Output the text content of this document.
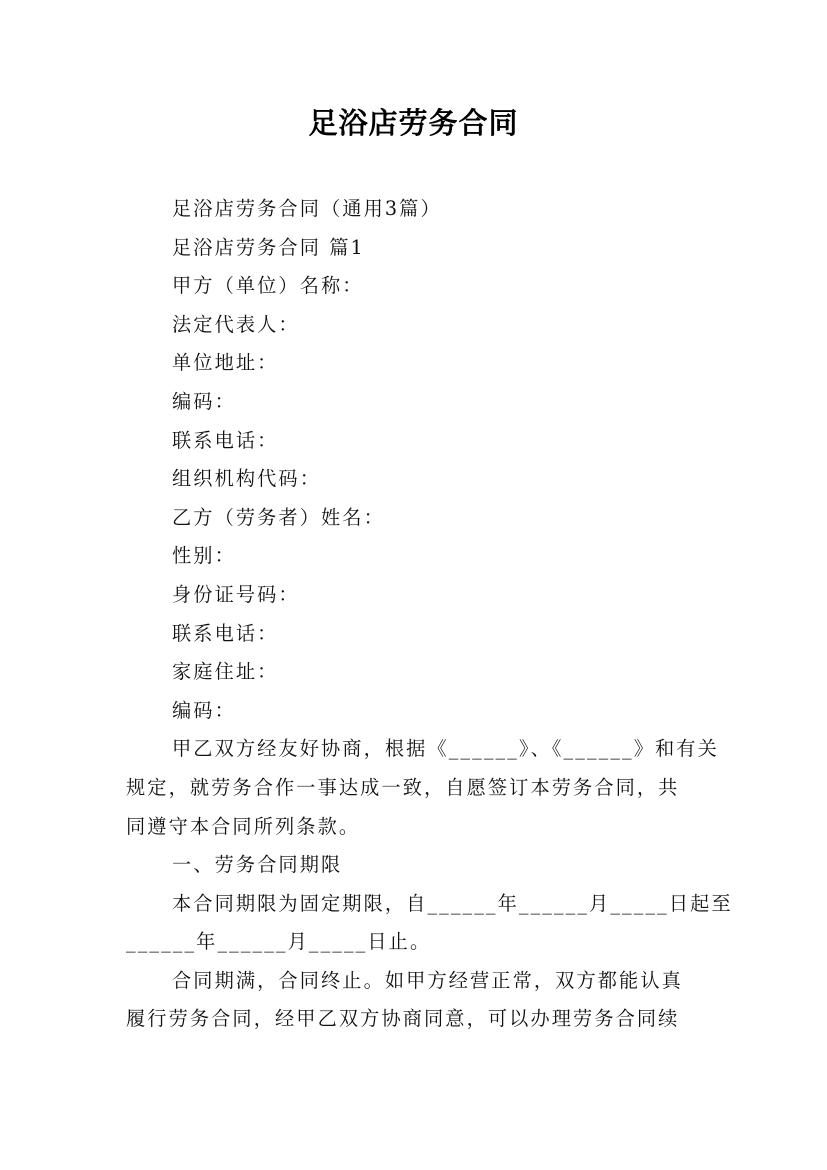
足浴店劳务合同

足浴店劳务合同（通用3篇）

足浴店劳务合同 篇1

甲方（单位）名称：

法定代表人：

单位地址：

编码：

联系电话：

组织机构代码：

乙方（劳务者）姓名：

性别：

身份证号码：

联系电话：

家庭住址：

编码：

甲乙双方经友好协商，根据《______》、《______》和有关

规定，就劳务合作一事达成一致，自愿签订本劳务合同，共

同遵守本合同所列条款。

一、劳务合同期限

本合同期限为固定期限，自______年______月_____日起至

______年______月_____日止。

合同期满，合同终止。如甲方经营正常，双方都能认真

履行劳务合同，经甲乙双方协商同意，可以办理劳务合同续
